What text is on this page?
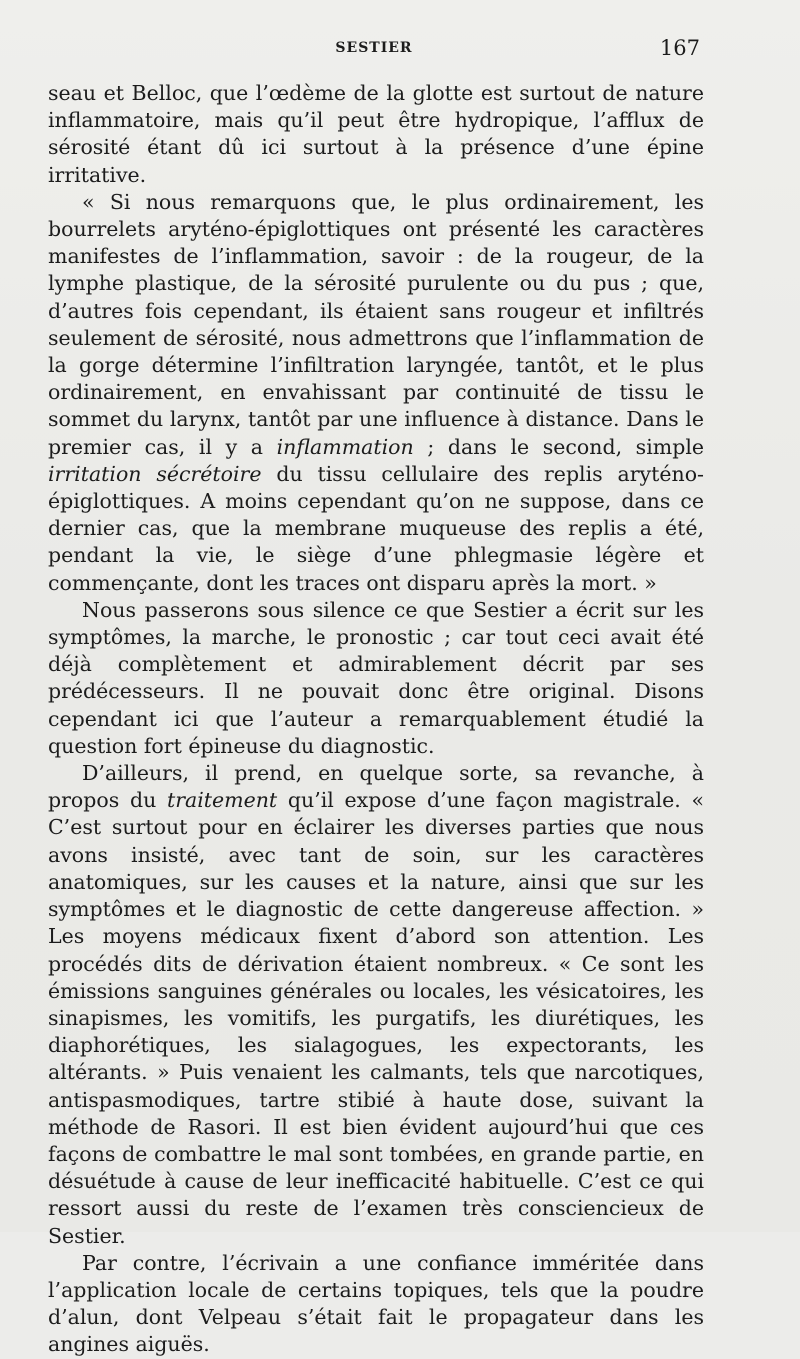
SESTIER	167

seau et Belloc, que l’œdème de la glotte est surtout de nature inflammatoire, mais qu’il peut être hydropique, l’afflux de sérosité étant dû ici surtout à la présence d’une épine irritative.

« Si nous remarquons que, le plus ordinairement, les bourrelets aryténo-épiglottiques ont présenté les caractères manifestes de l’inflammation, savoir : de la rougeur, de la lymphe plastique, de la sérosité purulente ou du pus ; que, d’autres fois cependant, ils étaient sans rougeur et infiltrés seulement de sérosité, nous admettrons que l’inflammation de la gorge détermine l’infiltration laryngée, tantôt, et le plus ordinairement, en envahissant par continuité de tissu le sommet du larynx, tantôt par une influence à distance. Dans le premier cas, il y a inflammation ; dans le second, simple irritation sécrétoire du tissu cellulaire des replis aryténo-épiglottiques. A moins cependant qu’on ne suppose, dans ce dernier cas, que la membrane muqueuse des replis a été, pendant la vie, le siège d’une phlegmasie légère et commençante, dont les traces ont disparu après la mort. »

Nous passerons sous silence ce que Sestier a écrit sur les symptômes, la marche, le pronostic ; car tout ceci avait été déjà complètement et admirablement décrit par ses prédécesseurs. Il ne pouvait donc être original. Disons cependant ici que l’auteur a remarquablement étudié la question fort épineuse du diagnostic.

D’ailleurs, il prend, en quelque sorte, sa revanche, à propos du traitement qu’il expose d’une façon magistrale. « C’est surtout pour en éclairer les diverses parties que nous avons insisté, avec tant de soin, sur les caractères anatomiques, sur les causes et la nature, ainsi que sur les symptômes et le diagnostic de cette dangereuse affection. » Les moyens médicaux fixent d’abord son attention. Les procédés dits de dérivation étaient nombreux. « Ce sont les émissions sanguines générales ou locales, les vésicatoires, les sinapismes, les vomitifs, les purgatifs, les diurétiques, les diaphorétiques, les sialagogues, les expectorants, les altérants. » Puis venaient les calmants, tels que narcotiques, antispasmodiques, tartre stibié à haute dose, suivant la méthode de Rasori. Il est bien évident aujourd’hui que ces façons de combattre le mal sont tombées, en grande partie, en désuétude à cause de leur inefficacité habituelle. C’est ce qui ressort aussi du reste de l’examen très consciencieux de Sestier.

Par contre, l’écrivain a une confiance imméritée dans l’application locale de certains topiques, tels que la poudre d’alun, dont Velpeau s’était fait le propagateur dans les angines aiguës.
